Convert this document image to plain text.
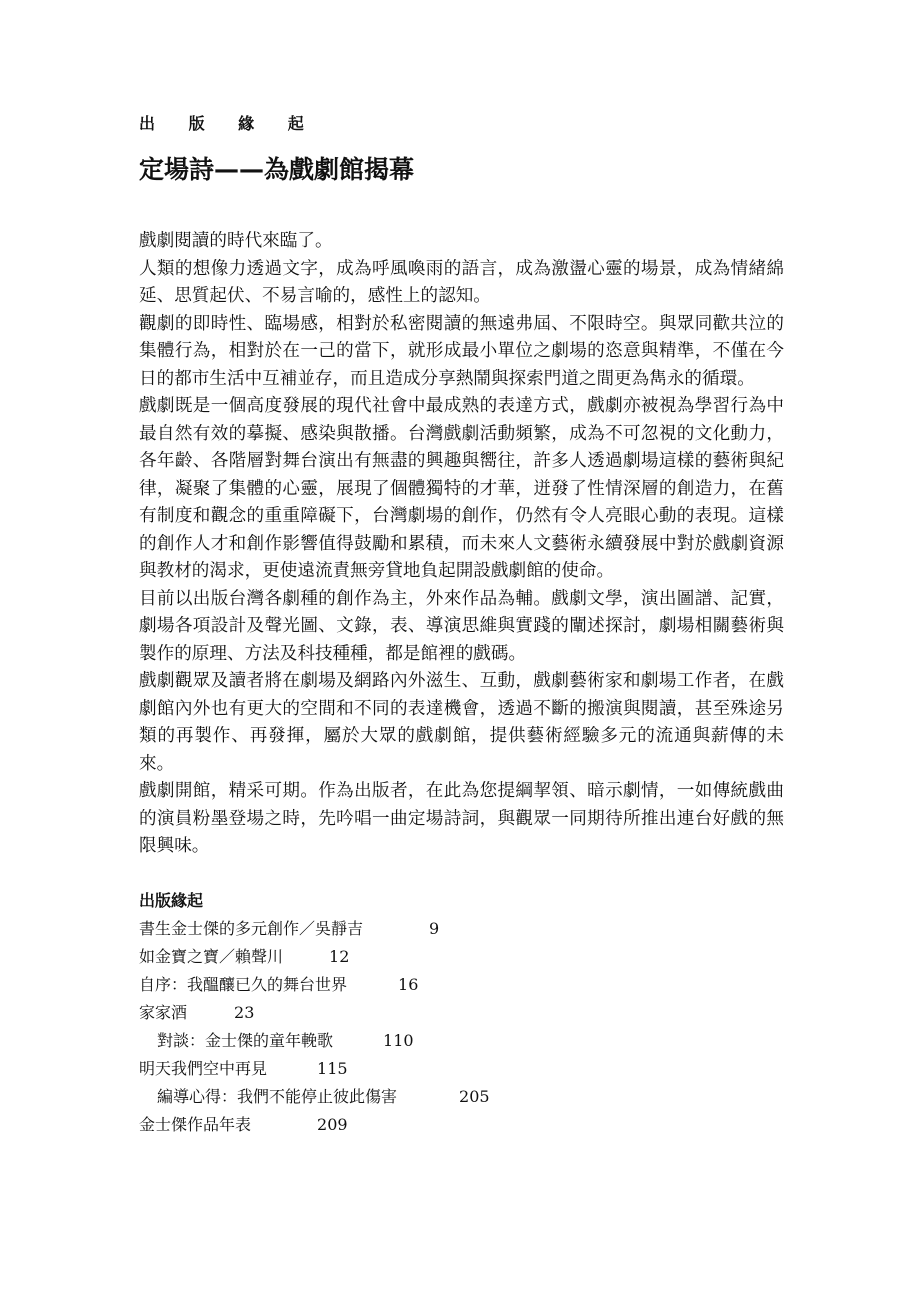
出 版 緣 起
定場詩——為戲劇館揭幕

戲劇閱讀的時代來臨了。

人類的想像力透過文字，成為呼風喚雨的語言，成為激盪心靈的場景，成為情緒綿延、思質起伏、不易言喻的，感性上的認知。

觀劇的即時性、臨場感，相對於私密閱讀的無遠弗屆、不限時空。與眾同歡共泣的集體行為，相對於在一己的當下，就形成最小單位之劇場的恣意與精準，不僅在今日的都市生活中互補並存，而且造成分享熱鬧與探索門道之間更為雋永的循環。

戲劇既是一個高度發展的現代社會中最成熟的表達方式，戲劇亦被視為學習行為中最自然有效的摹擬、感染與散播。台灣戲劇活動頻繁，成為不可忽視的文化動力，各年齡、各階層對舞台演出有無盡的興趣與嚮往，許多人透過劇場這樣的藝術與紀律，凝聚了集體的心靈，展現了個體獨特的才華，迸發了性情深層的創造力，在舊有制度和觀念的重重障礙下，台灣劇場的創作，仍然有令人亮眼心動的表現。這樣的創作人才和創作影響值得鼓勵和累積，而未來人文藝術永續發展中對於戲劇資源與教材的渴求，更使遠流責無旁貸地負起開設戲劇館的使命。

目前以出版台灣各劇種的創作為主，外來作品為輔。戲劇文學，演出圖譜、記實，劇場各項設計及聲光圖、文錄，表、導演思維與實踐的闡述探討，劇場相關藝術與製作的原理、方法及科技種種，都是館裡的戲碼。

戲劇觀眾及讀者將在劇場及網路內外滋生、互動，戲劇藝術家和劇場工作者，在戲劇館內外也有更大的空間和不同的表達機會，透過不斷的搬演與閱讀，甚至殊途另類的再製作、再發揮，屬於大眾的戲劇館，提供藝術經驗多元的流通與薪傳的未來。

戲劇開館，精采可期。作為出版者，在此為您提綱挈領、暗示劇情，一如傳統戲曲的演員粉墨登場之時，先吟唱一曲定場詩詞，與觀眾一同期待所推出連台好戲的無限興味。

出版緣起
書生金士傑的多元創作／吳靜吉	9
如金寶之寶／賴聲川	12
自序：我醞釀已久的舞台世界	16
家家酒	23
對談：金士傑的童年輓歌	110
明天我們空中再見	115
編導心得：我們不能停止彼此傷害	205
金士傑作品年表	209
